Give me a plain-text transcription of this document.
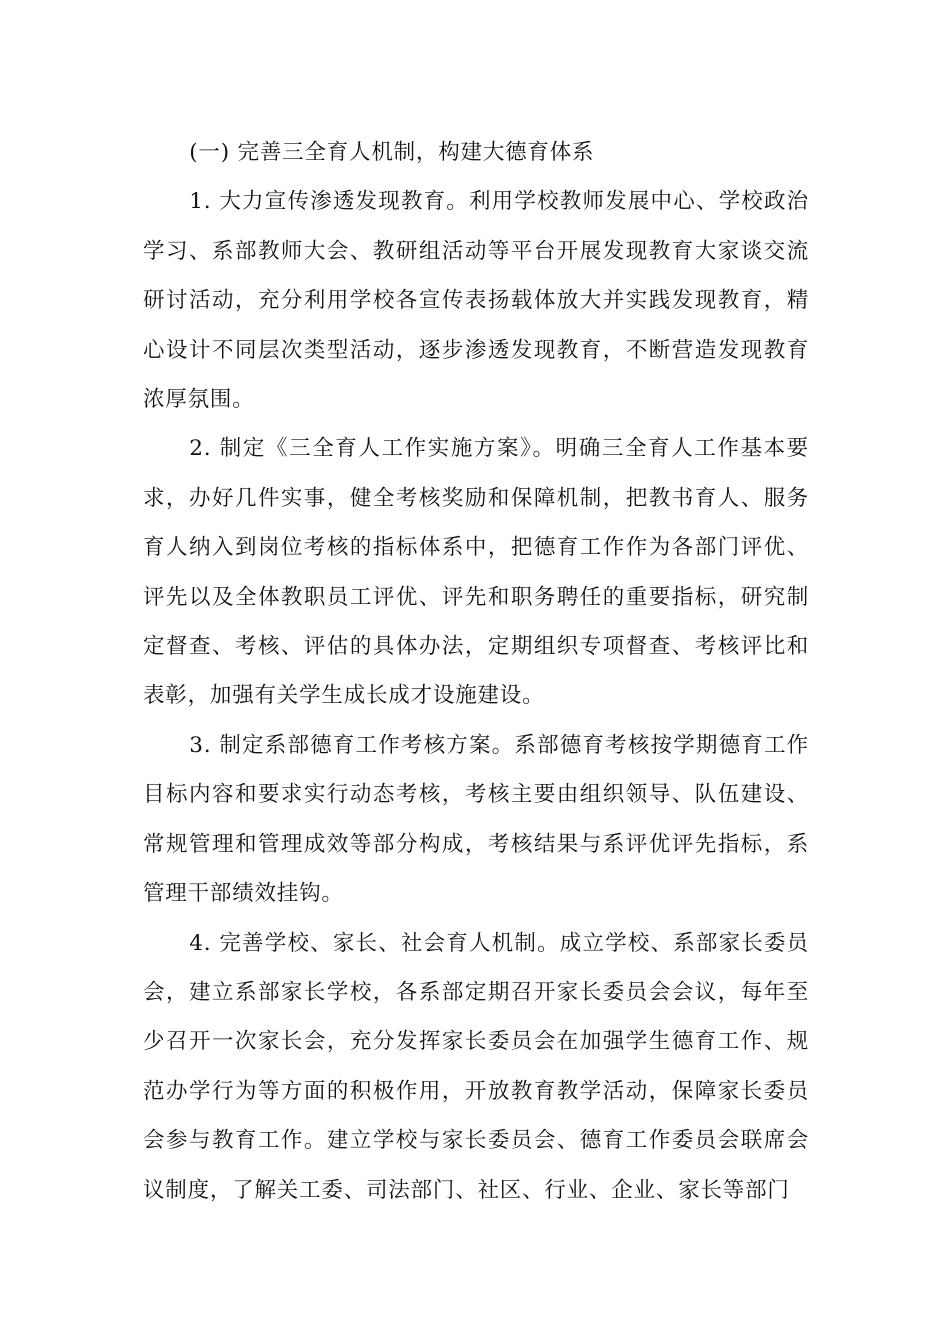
(一) 完善三全育人机制，构建大德育体系

1. 大力宣传渗透发现教育。利用学校教师发展中心、学校政治学习、系部教师大会、教研组活动等平台开展发现教育大家谈交流研讨活动，充分利用学校各宣传表扬载体放大并实践发现教育，精心设计不同层次类型活动，逐步渗透发现教育，不断营造发现教育浓厚氛围。

2. 制定《三全育人工作实施方案》。明确三全育人工作基本要求，办好几件实事，健全考核奖励和保障机制，把教书育人、服务育人纳入到岗位考核的指标体系中，把德育工作作为各部门评优、评先以及全体教职员工评优、评先和职务聘任的重要指标，研究制定督查、考核、评估的具体办法，定期组织专项督查、考核评比和表彰，加强有关学生成长成才设施建设。

3. 制定系部德育工作考核方案。系部德育考核按学期德育工作目标内容和要求实行动态考核，考核主要由组织领导、队伍建设、常规管理和管理成效等部分构成，考核结果与系评优评先指标，系管理干部绩效挂钩。

4. 完善学校、家长、社会育人机制。成立学校、系部家长委员会，建立系部家长学校，各系部定期召开家长委员会会议，每年至少召开一次家长会，充分发挥家长委员会在加强学生德育工作、规范办学行为等方面的积极作用，开放教育教学活动，保障家长委员会参与教育工作。建立学校与家长委员会、德育工作委员会联席会议制度，了解关工委、司法部门、社区、行业、企业、家长等部门
